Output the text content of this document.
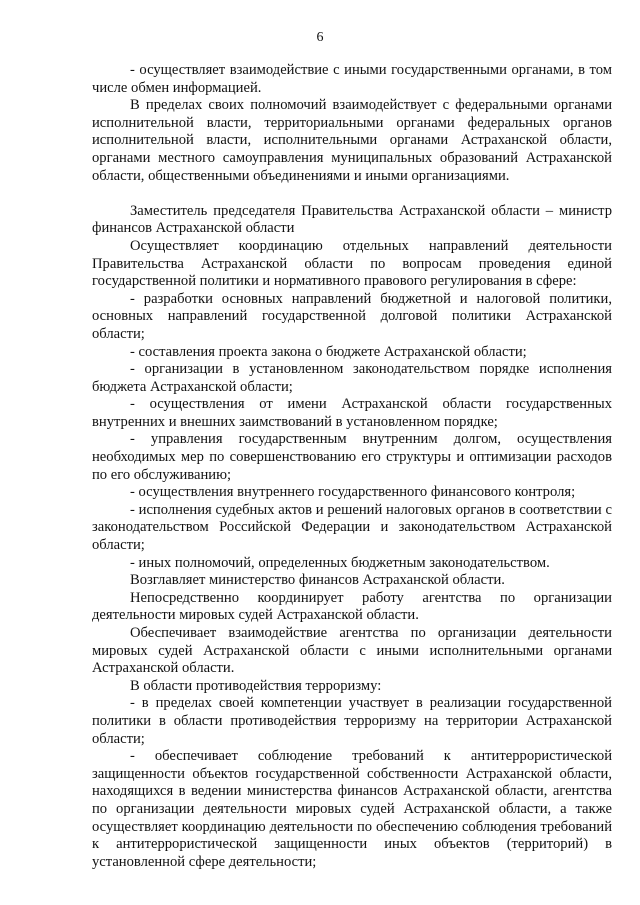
6

- осуществляет взаимодействие с иными государственными органами, в том числе обмен информацией.

В пределах своих полномочий взаимодействует с федеральными органами исполнительной власти, территориальными органами федеральных органов исполнительной власти, исполнительными органами Астраханской области, органами местного самоуправления муниципальных образований Астраханской области, общественными объединениями и иными организациями.

Заместитель председателя Правительства Астраханской области – министр финансов Астраханской области

Осуществляет координацию отдельных направлений деятельности Правительства Астраханской области по вопросам проведения единой государственной политики и нормативного правового регулирования в сфере:

- разработки основных направлений бюджетной и налоговой политики, основных направлений государственной долговой политики Астраханской области;

- составления проекта закона о бюджете Астраханской области;

- организации в установленном законодательством порядке исполнения бюджета Астраханской области;

- осуществления от имени Астраханской области государственных внутренних и внешних заимствований в установленном порядке;

- управления государственным внутренним долгом, осуществления необходимых мер по совершенствованию его структуры и оптимизации расходов по его обслуживанию;

- осуществления внутреннего государственного финансового контроля;

- исполнения судебных актов и решений налоговых органов в соответствии с законодательством Российской Федерации и законодательством Астраханской области;

- иных полномочий, определенных бюджетным законодательством.

Возглавляет министерство финансов Астраханской области.

Непосредственно координирует работу агентства по организации деятельности мировых судей Астраханской области.

Обеспечивает взаимодействие агентства по организации деятельности мировых судей Астраханской области с иными исполнительными органами Астраханской области.

В области противодействия терроризму:

- в пределах своей компетенции участвует в реализации государственной политики в области противодействия терроризму на территории Астраханской области;

- обеспечивает соблюдение требований к антитеррористической защищенности объектов государственной собственности Астраханской области, находящихся в ведении министерства финансов Астраханской области, агентства по организации деятельности мировых судей Астраханской области, а также осуществляет координацию деятельности по обеспечению соблюдения требований к антитеррористической защищенности иных объектов (территорий) в установленной сфере деятельности;
